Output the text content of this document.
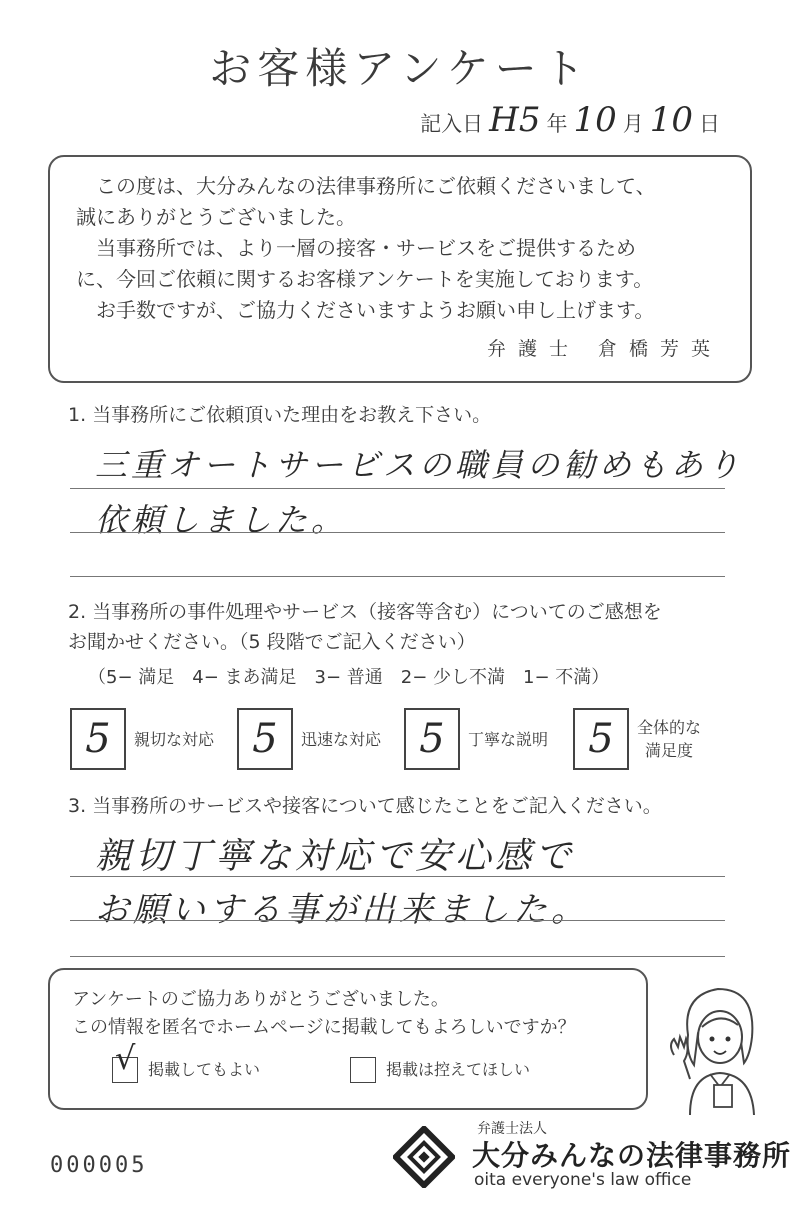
お客様アンケート
記入日 H5 年 10 月 10 日

この度は、大分みんなの法律事務所にご依頼くださいまして、

誠にありがとうございました。

当事務所では、より一層の接客・サービスをご提供するため

に、今回ご依頼に関するお客様アンケートを実施しております。

お手数ですが、ご協力くださいますようお願い申し上げます。

弁護士 倉橋芳英
1. 当事務所にご依頼頂いた理由をお教え下さい。
三重オートサービスの職員の勧めもあり
依頼しました。
2. 当事務所の事件処理やサービス（接客等含む）についてのご感想を
お聞かせください。（5 段階でご記入ください）
（5− 満足　4− まあ満足　3− 普通　2− 少し不満　1− 不満）
5	親切な対応 5	迅速な対応 5	丁寧な説明	5	全体的な
満足度
3. 当事務所のサービスや接客について感じたことをご記入ください。
親切丁寧な対応で安心感で
お願いする事が出来ました。

アンケートのご協力ありがとうございました。

この情報を匿名でホームページに掲載してもよろしいですか？

√ 掲載してもよい	掲載は控えてほしい
000005
弁護士法人
大分みんなの法律事務所
oita everyone's law office
